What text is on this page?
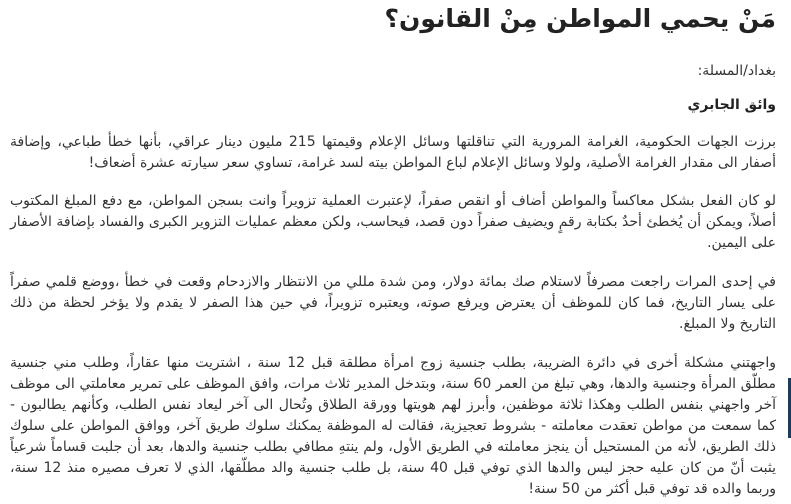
مَنْ يحمي المواطن مِنْ القانون؟

بغداد/المسلة:

وائق الجابري

برزت الجهات الحكومية، الغرامة المرورية التي تناقلتها وسائل الإعلام وقيمتها 215 مليون دينار عراقي، بأنها خطأ طباعي، وإضافة أصفار الى مقدار الغرامة الأصلية، ولولا وسائل الإعلام لباع المواطن بيته لسد غرامة، تساوي سعر سيارته عشرة أضعاف!

لو كان الفعل بشكل معاكساً والمواطن أضاف أو انقص صفراً، لإعتبرت العملية تزويراً وانت بسجن المواطن، مع دفع المبلغ المكتوب أصلاً، ويمكن أن يُخطئ أحدٌ بكتابة رقمٍ ويضيف صفراً دون قصد، فيحاسب، ولكن معظم عمليات التزوير الكبرى والفساد بإضافة الأصفار على اليمين.

في إحدى المرات راجعت مصرفاً لاستلام صك بمائة دولار، ومن شدة مللي من الانتظار والازدحام وقعت في خطأ ،ووضع قلمي صفراً على يسار التاريخ، فما كان للموظف أن يعترض ويرفع صوته، ويعتبره تزويراً، في حين هذا الصفر لا يقدم ولا يؤخر لحظة من ذلك التاريخ ولا المبلغ.

واجهتني مشكلة أخرى في دائرة الضريبة، بطلب جنسية زوج امرأة مطلقة قبل 12 سنة ، اشتريت منها عقاراً، وطلب مني جنسية مطلّق المرأة وجنسية والدها، وهي تبلغ من العمر 60 سنة، وبتدخل المدير ثلاث مرات، وافق الموظف على تمرير معاملتي الى موظف آخر واجهني بنفس الطلب وهكذا ثلاثة موظفين، وأبرز لهم هويتها وورقة الطلاق وتُحال الى آخر ليعاد نفس الطلب، وكأنهم يطالبون - كما سمعت من مواطن تعقدت معاملته - بشروط تعجيزية، فقالت له الموظفة يمكنك سلوك طريق آخر، ووافق المواطن على سلوك ذلك الطريق، لأنه من المستحيل أن ينجز معاملته في الطريق الأول، ولم ينتهِ مطافي بطلب جنسية والدها، بعد أن جلبت قساماً شرعياً يثبت أنّ من كان عليه حجز ليس والدها الذي توفي قبل 40 سنة، بل طلب جنسية والد مطلّقها، الذي لا تعرف مصيره منذ 12 سنة، وربما والده قد توفي قبل أكثر من 50 سنة!
